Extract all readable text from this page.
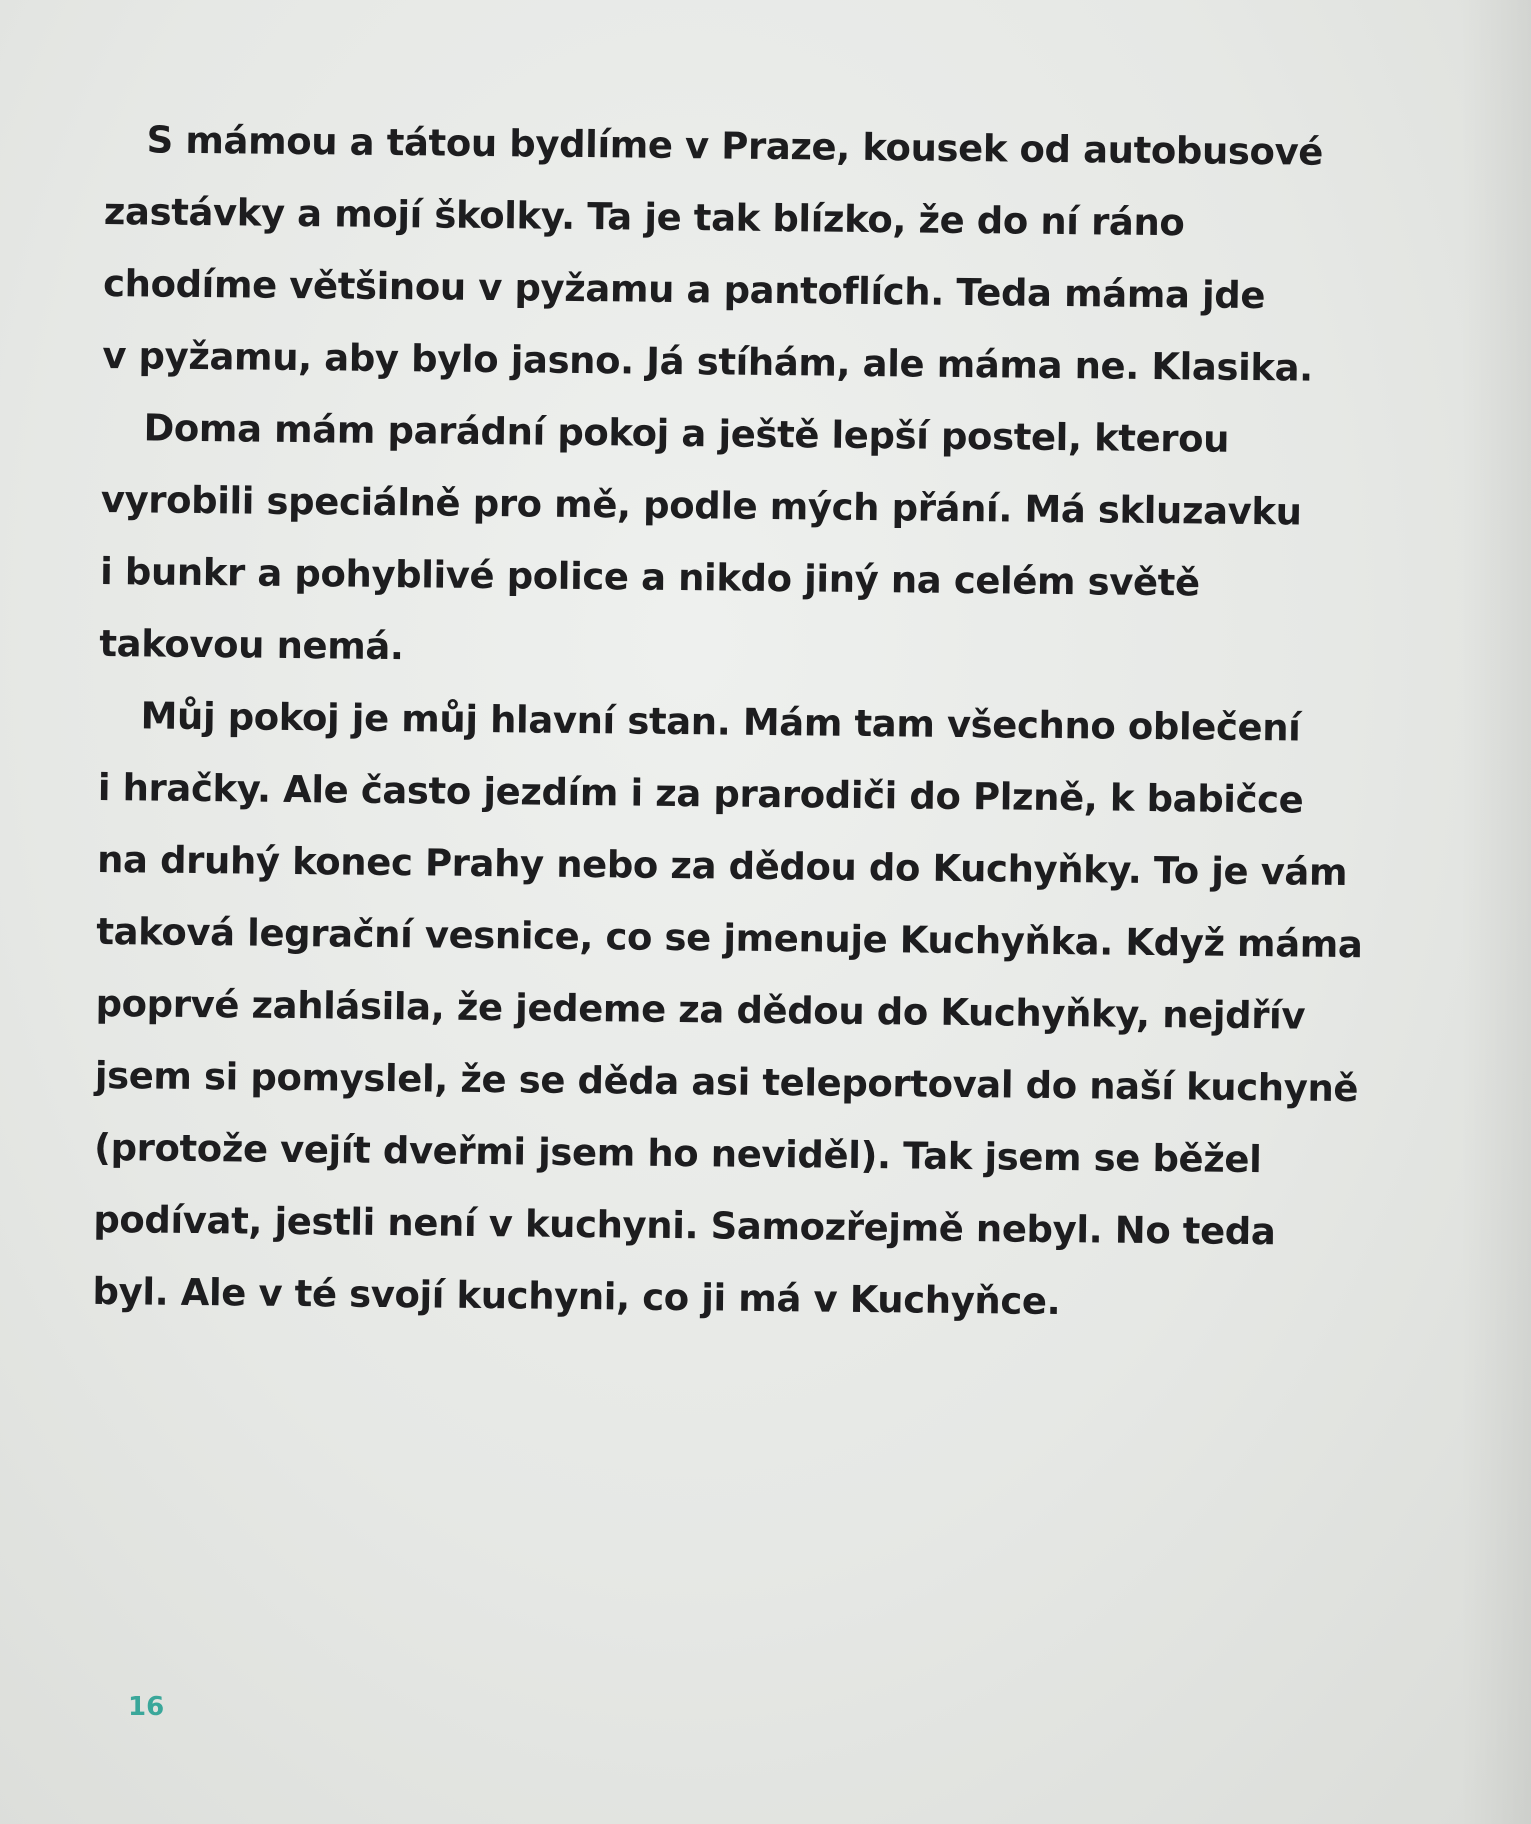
S mámou a tátou bydlíme v Praze, kousek od autobusové
zastávky a mojí školky. Ta je tak blízko, že do ní ráno
chodíme většinou v pyžamu a pantoflích. Teda máma jde
v pyžamu, aby bylo jasno. Já stíhám, ale máma ne. Klasika.
Doma mám parádní pokoj a ještě lepší postel, kterou
vyrobili speciálně pro mě, podle mých přání. Má skluzavku
i bunkr a pohyblivé police a nikdo jiný na celém světě
takovou nemá.
Můj pokoj je můj hlavní stan. Mám tam všechno oblečení
i hračky. Ale často jezdím i za prarodiči do Plzně, k babičce
na druhý konec Prahy nebo za dědou do Kuchyňky. To je vám
taková legrační vesnice, co se jmenuje Kuchyňka. Když máma
poprvé zahlásila, že jedeme za dědou do Kuchyňky, nejdřív
jsem si pomyslel, že se děda asi teleportoval do naší kuchyně
(protože vejít dveřmi jsem ho neviděl). Tak jsem se běžel
podívat, jestli není v kuchyni. Samozřejmě nebyl. No teda
byl. Ale v té svojí kuchyni, co ji má v Kuchyňce.
16
